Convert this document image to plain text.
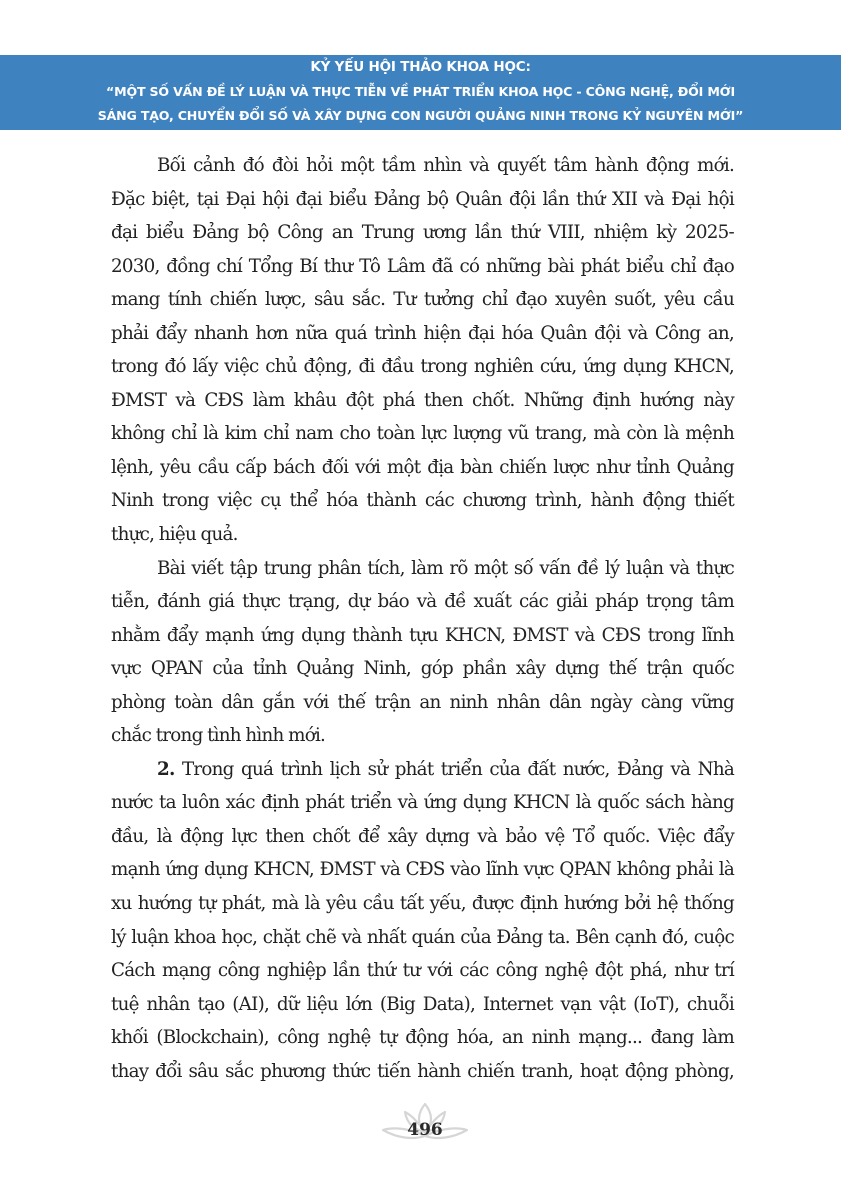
KỶ YẾU HỘI THẢO KHOA HỌC:
“MỘT SỐ VẤN ĐỀ LÝ LUẬN VÀ THỰC TIỄN VỀ PHÁT TRIỂN KHOA HỌC - CÔNG NGHỆ, ĐỔI MỚI
SÁNG TẠO, CHUYỂN ĐỔI SỐ VÀ XÂY DỰNG CON NGƯỜI QUẢNG NINH TRONG KỶ NGUYÊN MỚI”
Bối cảnh đó đòi hỏi một tầm nhìn và quyết tâm hành động mới.
Đặc biệt, tại Đại hội đại biểu Đảng bộ Quân đội lần thứ XII và Đại hội
đại biểu Đảng bộ Công an Trung ương lần thứ VIII, nhiệm kỳ 2025-
2030, đồng chí Tổng Bí thư Tô Lâm đã có những bài phát biểu chỉ đạo
mang tính chiến lược, sâu sắc. Tư tưởng chỉ đạo xuyên suốt, yêu cầu
phải đẩy nhanh hơn nữa quá trình hiện đại hóa Quân đội và Công an,
trong đó lấy việc chủ động, đi đầu trong nghiên cứu, ứng dụng KHCN,
ĐMST và CĐS làm khâu đột phá then chốt. Những định hướng này
không chỉ là kim chỉ nam cho toàn lực lượng vũ trang, mà còn là mệnh
lệnh, yêu cầu cấp bách đối với một địa bàn chiến lược như tỉnh Quảng
Ninh trong việc cụ thể hóa thành các chương trình, hành động thiết
thực, hiệu quả.
Bài viết tập trung phân tích, làm rõ một số vấn đề lý luận và thực
tiễn, đánh giá thực trạng, dự báo và đề xuất các giải pháp trọng tâm
nhằm đẩy mạnh ứng dụng thành tựu KHCN, ĐMST và CĐS trong lĩnh
vực QPAN của tỉnh Quảng Ninh, góp phần xây dựng thế trận quốc
phòng toàn dân gắn với thế trận an ninh nhân dân ngày càng vững
chắc trong tình hình mới.
2. Trong quá trình lịch sử phát triển của đất nước, Đảng và Nhà
nước ta luôn xác định phát triển và ứng dụng KHCN là quốc sách hàng
đầu, là động lực then chốt để xây dựng và bảo vệ Tổ quốc. Việc đẩy
mạnh ứng dụng KHCN, ĐMST và CĐS vào lĩnh vực QPAN không phải là
xu hướng tự phát, mà là yêu cầu tất yếu, được định hướng bởi hệ thống
lý luận khoa học, chặt chẽ và nhất quán của Đảng ta. Bên cạnh đó, cuộc
Cách mạng công nghiệp lần thứ tư với các công nghệ đột phá, như trí
tuệ nhân tạo (AI), dữ liệu lớn (Big Data), Internet vạn vật (IoT), chuỗi
khối (Blockchain), công nghệ tự động hóa, an ninh mạng... đang làm
thay đổi sâu sắc phương thức tiến hành chiến tranh, hoạt động phòng,
496
